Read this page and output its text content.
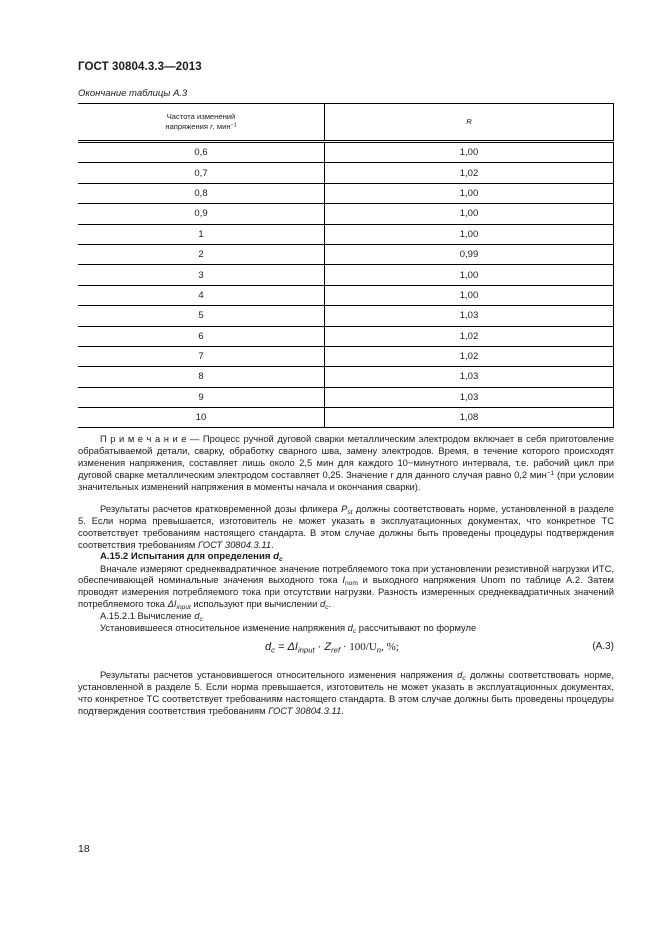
ГОСТ 30804.3.3—2013
Окончание таблицы А.3
Частота изменений
напряжения r, мин$^{-1}$	R
0,6	1,00
0,7	1,02
0,8	1,00
0,9	1,00
1	1,00
2	0,99
3	1,00
4	1,00
5	1,03
6	1,02
7	1,02
8	1,03
9	1,03
10	1,08

П р и м е ч а н и е — Процесс ручной дуговой сварки металлическим электродом включает в себя приготовление обрабатываемой детали, сварку, обработку сварного шва, замену электродов. Время, в течение которого происходят изменения напряжения, составляет лишь около 2,5 мин для каждого 10−минутного интервала, т.е. рабочий цикл при дуговой сварке металлическим электродом составляет 0,25. Значение r для данного случая равно 0,2 мин$^{-1}$ (при условии значительных изменений напряжения в моменты начала и окончания сварки).

Результаты расчетов кратковременной дозы фликера $P_{st}$ должны соответствовать норме, установленной в разделе 5. Если норма превышается, изготовитель не может указать в эксплуатационных документах, что конкретное ТС соответствует требованиям настоящего стандарта. В этом случае должны быть проведены процедуры подтверждения соответствия требованиям ГОСТ 30804.3.11.

А.15.2 Испытания для определения $d_c$

Вначале измеряют среднеквадратичное значение потребляемого тока при установлении резистивной нагрузки ИТС, обеспечивающей номинальные значения выходного тока $I_{nom}$ и выходного напряжения Unom по таблице А.2. Затем проводят измерения потребляемого тока при отсутствии нагрузки. Разность измеренных среднеквадратичных значений потребляемого тока $\Delta I_{input}$ используют при вычислении $d_c$.

А.15.2.1 Вычисление $d_c$

Установившееся относительное изменение напряжения $d_c$ рассчитывают по формуле

$d_c = \Delta I_{input} \cdot Z_{ref} \cdot 100/U_n$, %;	(А.3)

Результаты расчетов установившегося относительного изменения напряжения $d_c$ должны соответствовать норме, установленной в разделе 5. Если норма превышается, изготовитель не может указать в эксплуатационных документах, что конкретное ТС соответствует требованиям настоящего стандарта. В этом случае должны быть проведены процедуры подтверждения соответствия требованиям ГОСТ 30804.3.11.

18
